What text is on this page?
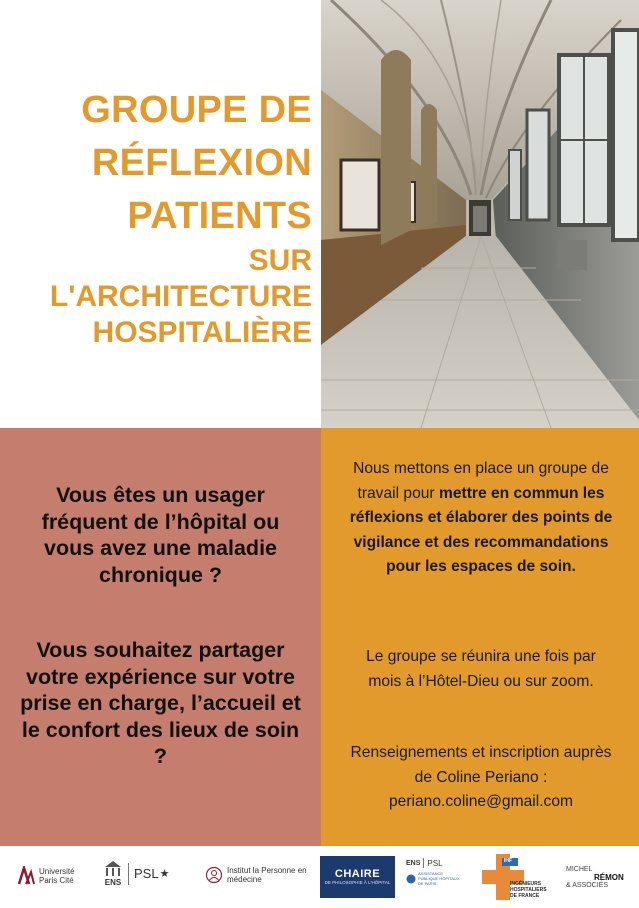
GROUPE DE
RÉFLEXION
PATIENTS
SUR
L'ARCHITECTURE
HOSPITALIÈRE
Vous êtes un usager fréquent de l’hôpital ou vous avez une maladie chronique ?
Vous souhaitez partager votre expérience sur votre prise en charge, l’accueil et le confort des lieux de soin ?
Nous mettons en place un groupe de travail pour mettre en commun les réflexions et élaborer des points de vigilance et des recommandations pour les espaces de soin.
Le groupe se réunira une fois par mois à l’Hôtel-Dieu ou sur zoom.
Renseignements et inscription auprès de Coline Periano :
periano.coline@gmail.com
Université Paris Cité	ENS
PSL ★	Institut la Personne en médecine	CHAIRE
DE PHILOSOPHIE À L'HÔPITAL
ENS PSL
ASSISTANCE PUBLIQUE HÔPITAUX DE PARIS
IHF
INGÉNIEURS HOSPITALIERS DE FRANCE
MICHEL
RÉMON
& ASSOCIÉS
